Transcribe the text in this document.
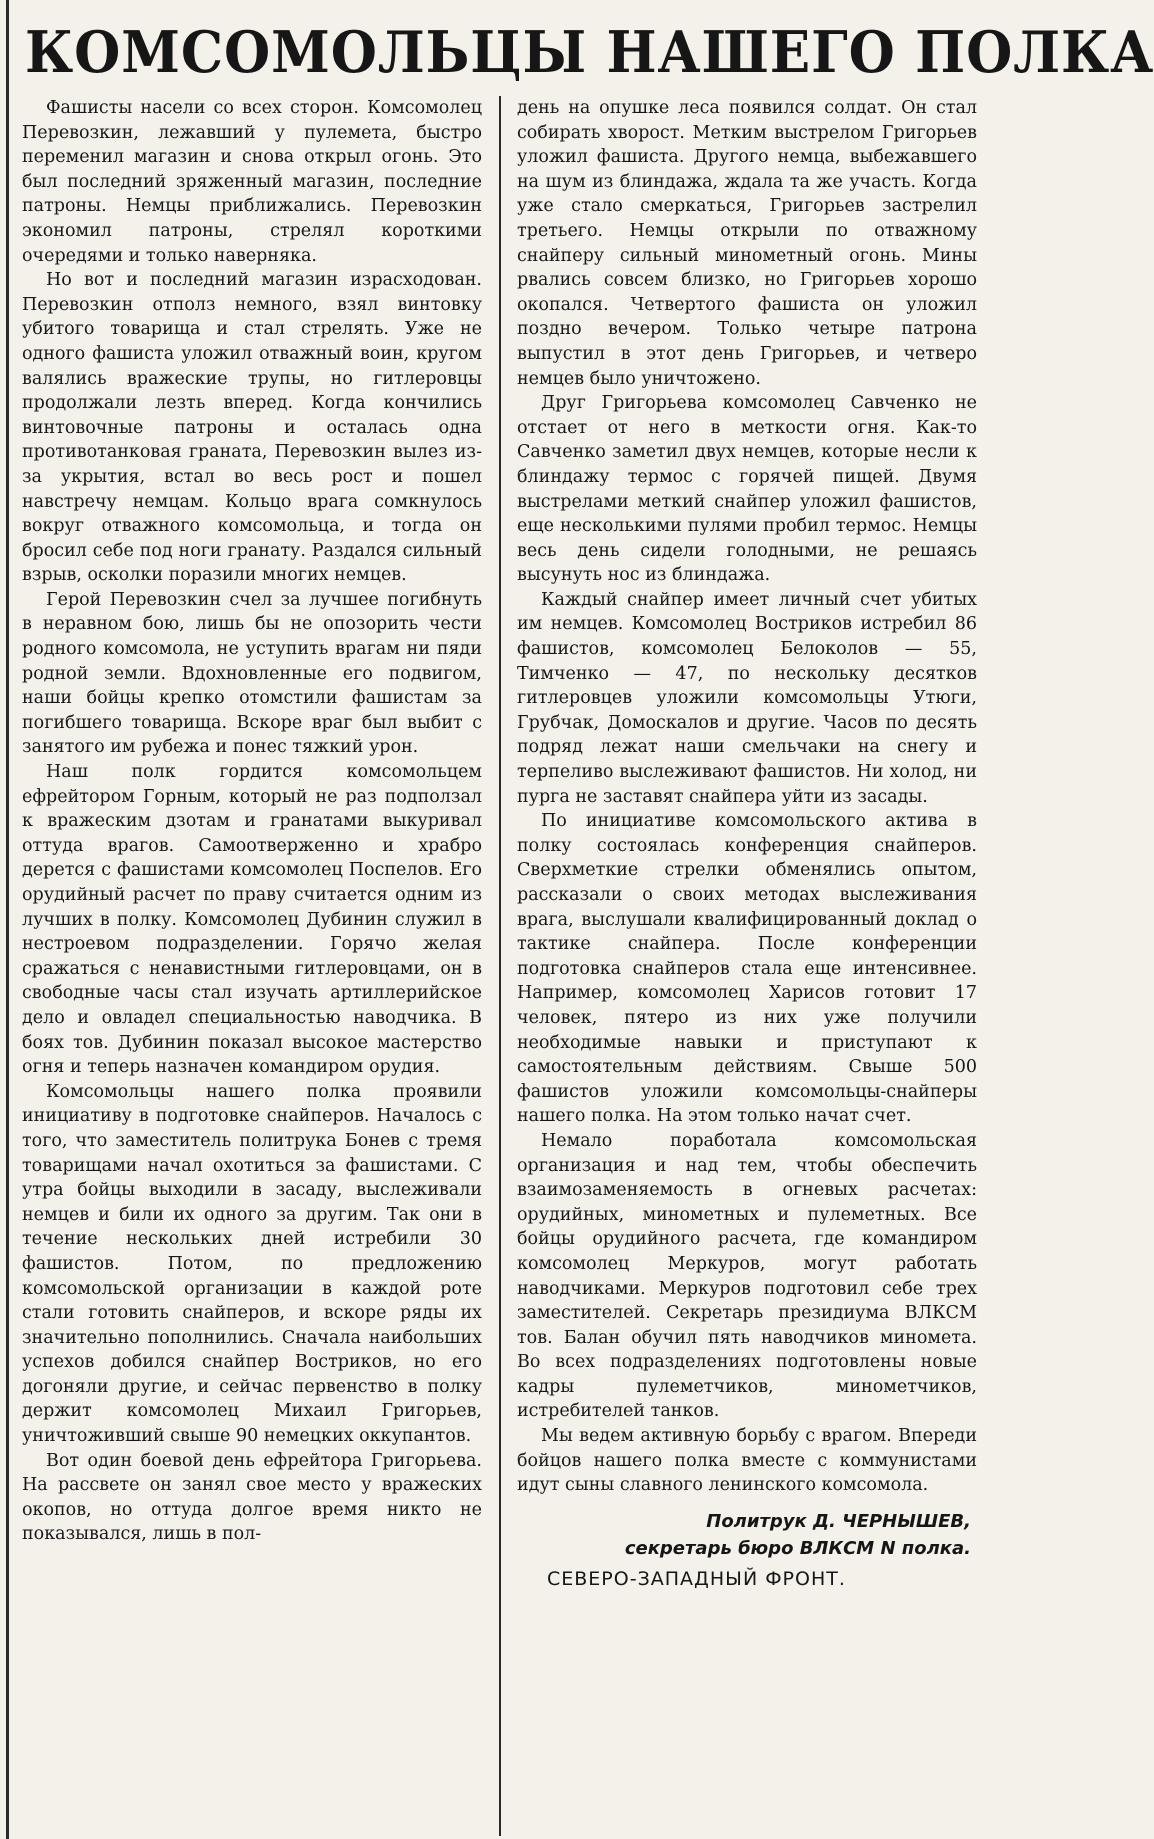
КОМСОМОЛЬЦЫ НАШЕГО ПОЛКА

Фашисты насели со всех сторон. Комсомолец Перевозкин, лежавший у пулемета, быстро переменил магазин и снова открыл огонь. Это был последний зряженный магазин, последние патроны. Немцы приближались. Перевозкин экономил патроны, стрелял короткими очередями и только наверняка.

Но вот и последний магазин израсходован. Перевозкин отполз немного, взял винтовку убитого товарища и стал стрелять. Уже не одного фашиста уложил отважный воин, кругом валялись вражеские трупы, но гитлеровцы продолжали лезть вперед. Когда кончились винтовочные патроны и осталась одна противотанковая граната, Перевозкин вылез из-за укрытия, встал во весь рост и пошел навстречу немцам. Кольцо врага сомкнулось вокруг отважного комсомольца, и тогда он бросил себе под ноги гранату. Раздался сильный взрыв, осколки поразили многих немцев.

Герой Перевозкин счел за лучшее погибнуть в неравном бою, лишь бы не опозорить чести родного комсомола, не уступить врагам ни пяди родной земли. Вдохновленные его подвигом, наши бойцы крепко отомстили фашистам за погибшего товарища. Вскоре враг был выбит с занятого им рубежа и понес тяжкий урон.

Наш полк гордится комсомольцем ефрейтором Горным, который не раз подползал к вражеским дзотам и гранатами выкуривал оттуда врагов. Самоотверженно и храбро дерется с фашистами комсомолец Поспелов. Его орудийный расчет по праву считается одним из лучших в полку. Комсомолец Дубинин служил в нестроевом подразделении. Горячо желая сражаться с ненавистными гитлеровцами, он в свободные часы стал изучать артиллерийское дело и овладел специальностью наводчика. В боях тов. Дубинин показал высокое мастерство огня и теперь назначен командиром орудия.

Комсомольцы нашего полка проявили инициативу в подготовке снайперов. Началось с того, что заместитель политрука Бонев с тремя товарищами начал охотиться за фашистами. С утра бойцы выходили в засаду, выслеживали немцев и били их одного за другим. Так они в течение нескольких дней истребили 30 фашистов. Потом, по предложению комсомольской организации в каждой роте стали готовить снайперов, и вскоре ряды их значительно пополнились. Сначала наибольших успехов добился снайпер Востриков, но его догоняли другие, и сейчас первенство в полку держит комсомолец Михаил Григорьев, уничтоживший свыше 90 немецких оккупантов.

Вот один боевой день ефрейтора Григорьева. На рассвете он занял свое место у вражеских окопов, но оттуда долгое время никто не показывался, лишь в пол-

день на опушке леса появился солдат. Он стал собирать хворост. Метким выстрелом Григорьев уложил фашиста. Другого немца, выбежавшего на шум из блиндажа, ждала та же участь. Когда уже стало смеркаться, Григорьев застрелил третьего. Немцы открыли по отважному снайперу сильный минометный огонь. Мины рвались совсем близко, но Григорьев хорошо окопался. Четвертого фашиста он уложил поздно вечером. Только четыре патрона выпустил в этот день Григорьев, и четверо немцев было уничтожено.

Друг Григорьева комсомолец Савченко не отстает от него в меткости огня. Как-то Савченко заметил двух немцев, которые несли к блиндажу термос с горячей пищей. Двумя выстрелами меткий снайпер уложил фашистов, еще несколькими пулями пробил термос. Немцы весь день сидели голодными, не решаясь высунуть нос из блиндажа.

Каждый снайпер имеет личный счет убитых им немцев. Комсомолец Востриков истребил 86 фашистов, комсомолец Белоколов — 55, Тимченко — 47, по нескольку десятков гитлеровцев уложили комсомольцы Утюги, Грубчак, Домоскалов и другие. Часов по десять подряд лежат наши смельчаки на снегу и терпеливо выслеживают фашистов. Ни холод, ни пурга не заставят снайпера уйти из засады.

По инициативе комсомольского актива в полку состоялась конференция снайперов. Сверхметкие стрелки обменялись опытом, рассказали о своих методах выслеживания врага, выслушали квалифицированный доклад о тактике снайпера. После конференции подготовка снайперов стала еще интенсивнее. Например, комсомолец Харисов готовит 17 человек, пятеро из них уже получили необходимые навыки и приступают к самостоятельным действиям. Свыше 500 фашистов уложили комсомольцы-снайперы нашего полка. На этом только начат счет.

Немало поработала комсомольская организация и над тем, чтобы обеспечить взаимозаменяемость в огневых расчетах: орудийных, минометных и пулеметных. Все бойцы орудийного расчета, где командиром комсомолец Меркуров, могут работать наводчиками. Меркуров подготовил себе трех заместителей. Секретарь президиума ВЛКСМ тов. Балан обучил пять наводчиков миномета. Во всех подразделениях подготовлены новые кадры пулеметчиков, минометчиков, истребителей танков.

Мы ведем активную борьбу с врагом. Впереди бойцов нашего полка вместе с коммунистами идут сыны славного ленинского комсомола.

Политрук Д. ЧЕРНЫШЕВ,
секретарь бюро ВЛКСМ N полка.
СЕВЕРО-ЗАПАДНЫЙ ФРОНТ.
